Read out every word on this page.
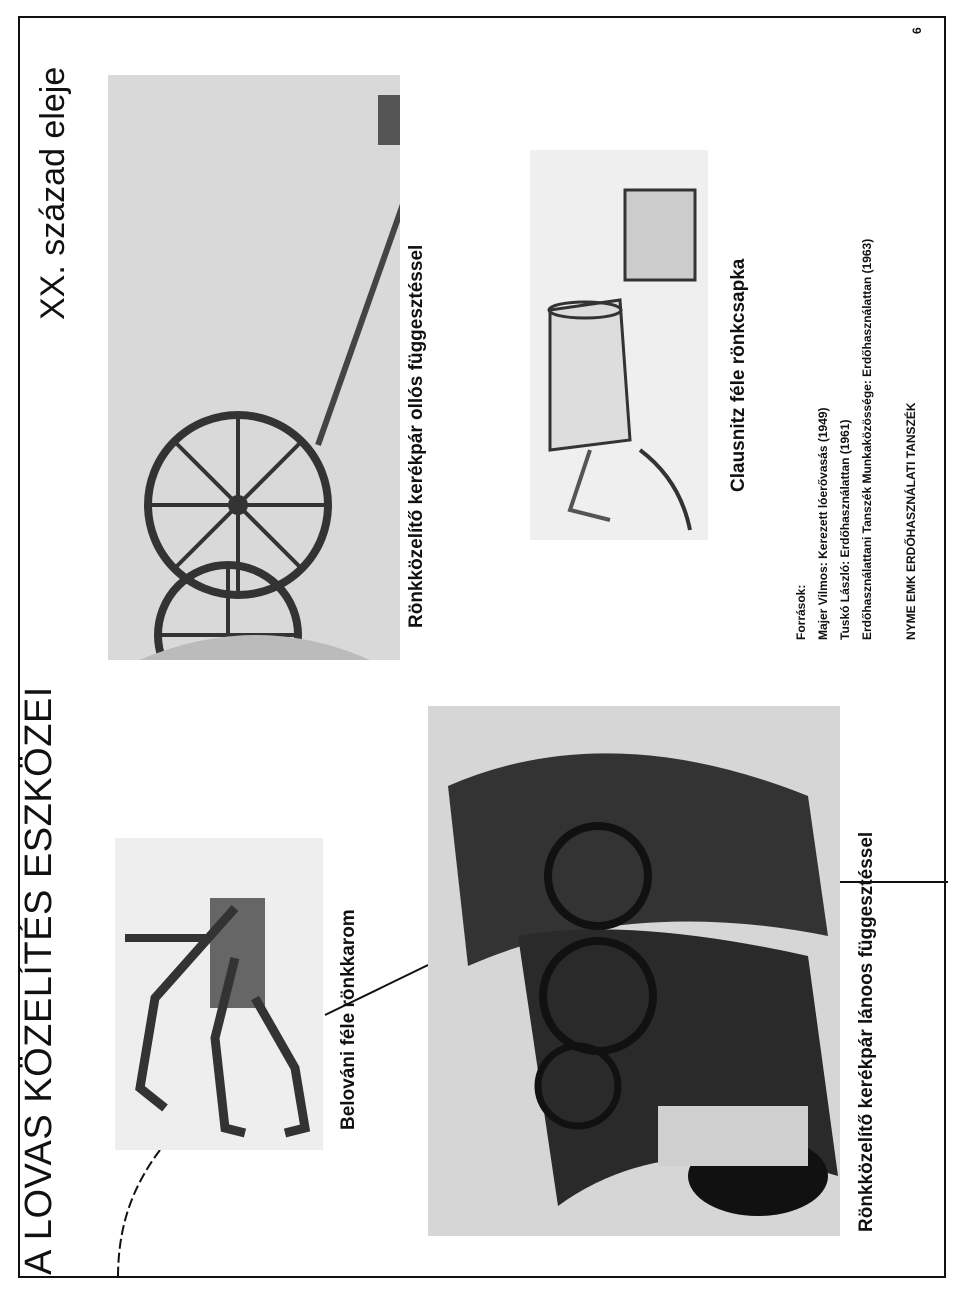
A LOVAS KÖZELÍTÉS ESZKÖZEI
XX. század eleje
6
Rönkközelítő kerékpár ollós függesztéssel
Belováni féle rönkkarom
Clausnitz féle rönkcsapka
Rönkközelítő kerékpár lánoos függesztéssel
Források: Majer Vilmos: Kerezett lóerővasás (1949) Tuskó László: Erdőhasználattan (1961) Erdőhasználattani Tanszék Munkaközössége: Erdőhasználattan (1963)	NYME EMK ERDŐHASZNÁLATI TANSZÉK
